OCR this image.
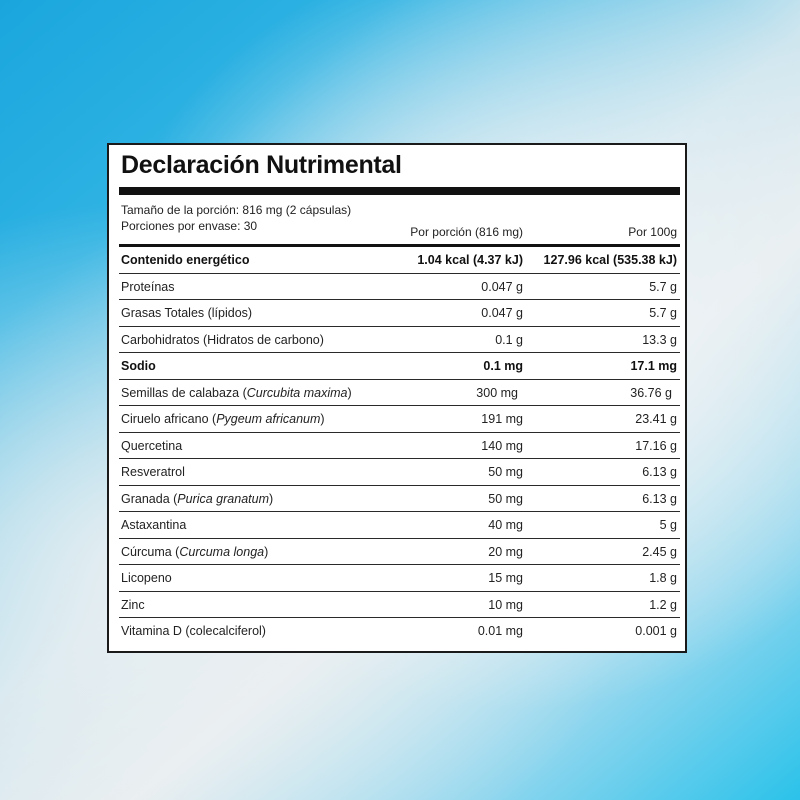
Declaración Nutrimental
Tamaño de la porción: 816 mg (2 cápsulas)
Porciones por envase: 30	Por porción (816 mg)	Por 100g
Contenido energético	1.04 kcal (4.37 kJ) 127.96 kcal (535.38 kJ)
Proteínas	0.047 g	5.7 g
Grasas Totales (lípidos)	0.047 g	5.7 g
Carbohidratos (Hidratos de carbono)	0.1 g	13.3 g
Sodio	0.1 mg	17.1 mg
Semillas de calabaza (Curcubita maxima)	300 mg	36.76 g
Ciruelo africano (Pygeum africanum)	191 mg	23.41 g
Quercetina	140 mg	17.16 g
Resveratrol	50 mg	6.13 g
Granada (Purica granatum)	50 mg	6.13 g
Astaxantina	40 mg	5 g
Cúrcuma (Curcuma longa)	20 mg	2.45 g
Licopeno	15 mg	1.8 g
Zinc	10 mg	1.2 g
Vitamina D (colecalciferol)	0.01 mg	0.001 g
